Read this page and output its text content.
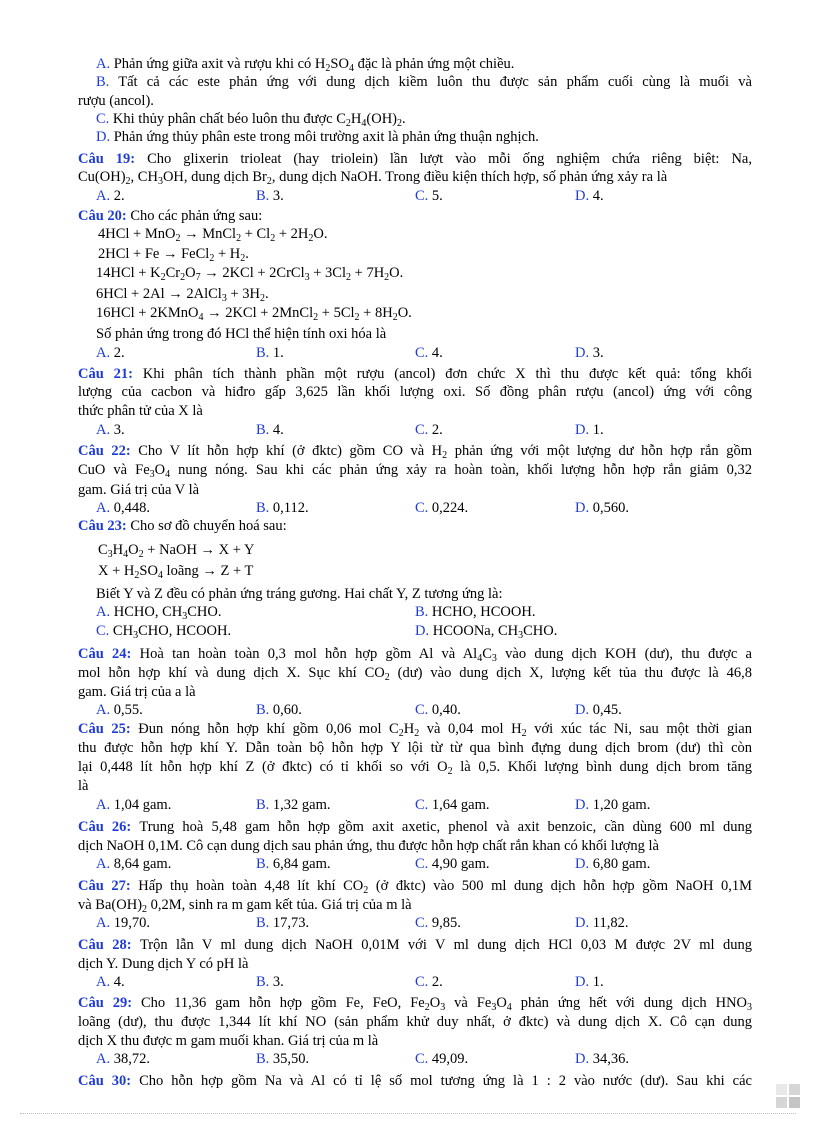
A. Phản ứng giữa axit và rượu khi có $H_2SO_4$ đặc là phản ứng một chiều.
B. Tất cả các este phản ứng với dung dịch kiềm luôn thu được sản phẩm cuối cùng là muối và
rượu (ancol).
C. Khi thủy phân chất béo luôn thu được $C_2H_4(OH)_2$.
D. Phản ứng thủy phân este trong môi trường axit là phản ứng thuận nghịch.
Câu 19: Cho glixerin trioleat (hay triolein) lần lượt vào mỗi ống nghiệm chứa riêng biệt: Na,
$Cu(OH)_2$, $CH_3OH$, dung dịch $Br_2$, dung dịch NaOH. Trong điều kiện thích hợp, số phản ứng xảy ra là
Câu 20: Cho các phản ứng sau:
4HCl + MnO$_2$ → MnCl$_2$ + $Cl_2 + 2H_2O$.
2HCl + Fe → FeCl$_2$ + $H_2$.
$14HCl + K_2Cr_2O_7 \to 2KCl$ + 2CrCl$_3$ + $3Cl_2 + 7H_2O$.
6HCl + 2Al → 2AlCl$_3$ + $3H_2$.
16HCl + 2KMnO$_4$ → 2KCl + 2MnCl$_2$ + $5Cl_2 + 8H_2O$.
Số phản ứng trong đó HCl thể hiện tính oxi hóa là
Câu 21: Khi phân tích thành phần một rượu (ancol) đơn chức X thì thu được kết quả: tổng khối
lượng của cacbon và hiđro gấp 3,625 lần khối lượng oxi. Số đồng phân rượu (ancol) ứng với công
thức phân tử của X là
Câu 22: Cho V lít hỗn hợp khí (ở đktc) gồm CO và $H_2$ phản ứng với một lượng dư hỗn hợp rắn gồm
CuO và $Fe_3O_4$ nung nóng. Sau khi các phản ứng xảy ra hoàn toàn, khối lượng hỗn hợp rắn giảm 0,32
gam. Giá trị của V là
Câu 23: Cho sơ đồ chuyển hoá sau:
$C_3H_4O_2$ + NaOH → X + Y
$X + H_2SO_4$ loãng → Z + T
Biết Y và Z đều có phản ứng tráng gương. Hai chất Y, Z tương ứng là:
Câu 24: Hoà tan hoàn toàn 0,3 mol hỗn hợp gồm Al và $Al_4C_3$ vào dung dịch KOH (dư), thu được a
mol hỗn hợp khí và dung dịch X. Sục khí $CO_2$ (dư) vào dung dịch X, lượng kết tủa thu được là 46,8
gam. Giá trị của a là
Câu 25: Đun nóng hỗn hợp khí gồm 0,06 mol $C_2H_2$ và 0,04 mol $H_2$ với xúc tác Ni, sau một thời gian
thu được hỗn hợp khí Y. Dẫn toàn bộ hỗn hợp Y lội từ từ qua bình đựng dung dịch brom (dư) thì còn
lại 0,448 lít hỗn hợp khí Z (ở đktc) có tỉ khối so với $O_2$ là 0,5. Khối lượng bình dung dịch brom tăng
là
Câu 26: Trung hoà 5,48 gam hỗn hợp gồm axit axetic, phenol và axit benzoic, cần dùng 600 ml dung
dịch NaOH 0,1M. Cô cạn dung dịch sau phản ứng, thu được hỗn hợp chất rắn khan có khối lượng là
Câu 27: Hấp thụ hoàn toàn 4,48 lít khí $CO_2$ (ở đktc) vào 500 ml dung dịch hỗn hợp gồm NaOH 0,1M
và $Ba(OH)_2$ 0,2M, sinh ra m gam kết tủa. Giá trị của m là
Câu 28: Trộn lẫn V ml dung dịch NaOH 0,01M với V ml dung dịch HCl 0,03 M được 2V ml dung
dịch Y. Dung dịch Y có pH là
Câu 29: Cho 11,36 gam hỗn hợp gồm Fe, FeO, $Fe_2O_3$ và $Fe_3O_4$ phản ứng hết với dung dịch $HNO_3$
loãng (dư), thu được 1,344 lít khí NO (sản phẩm khử duy nhất, ở đktc) và dung dịch X. Cô cạn dung
dịch X thu được m gam muối khan. Giá trị của m là
Câu 30: Cho hỗn hợp gồm Na và Al có tỉ lệ số mol tương ứng là 1 : 2 vào nước (dư). Sau khi các
A. 2.	B. 3.	C. 5.	D. 4.
A. 2.	B. 1.	C. 4.	D. 3.
A. 3.	B. 4.	C. 2.	D. 1.
A. 0,448.	B. 0,112.	C. 0,224.	D. 0,560.
A. HCHO, $CH_3CHO$.	B. HCHO, HCOOH.
C. $CH_3CHO$, HCOOH.	D. HCOONa, $CH_3CHO$.
A. 0,55.	B. 0,60.	C. 0,40.	D. 0,45.
A. 1,04 gam.	B. 1,32 gam.	C. 1,64 gam.	D. 1,20 gam.
A. 8,64 gam.	B. 6,84 gam.	C. 4,90 gam.	D. 6,80 gam.
A. 19,70.	B. 17,73.	C. 9,85.	D. 11,82.
A. 4.	B. 3.	C. 2.	D. 1.
A. 38,72.	B. 35,50.	C. 49,09.	D. 34,36.
